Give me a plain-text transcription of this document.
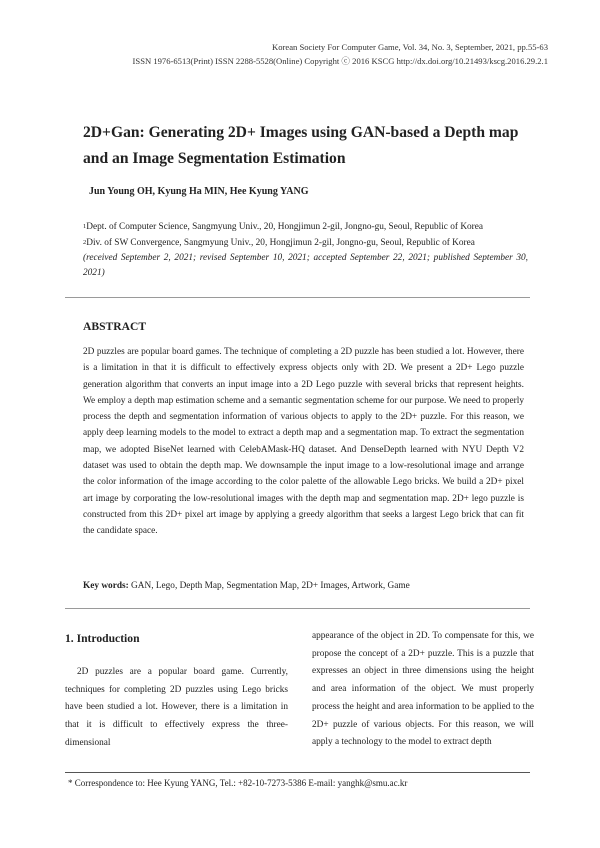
Korean Society For Computer Game, Vol. 34, No. 3, September, 2021, pp.55-63
ISSN 1976-6513(Print) ISSN 2288-5528(Online) Copyright ⓒ 2016 KSCG http://dx.doi.org/10.21493/kscg.2016.29.2.1
2D+Gan: Generating 2D+ Images using GAN-based a Depth map and an Image Segmentation Estimation
Jun Young OH, Kyung Ha MIN, Hee Kyung YANG
1Dept. of Computer Science, Sangmyung Univ., 20, Hongjimun 2-gil, Jongno-gu, Seoul, Republic of Korea
2Div. of SW Convergence, Sangmyung Univ., 20, Hongjimun 2-gil, Jongno-gu, Seoul, Republic of Korea
(received September 2, 2021; revised September 10, 2021; accepted September 22, 2021; published September 30, 2021)
ABSTRACT
2D puzzles are popular board games. The technique of completing a 2D puzzle has been studied a lot. However, there is a limitation in that it is difficult to effectively express objects only with 2D. We present a 2D+ Lego puzzle generation algorithm that converts an input image into a 2D Lego puzzle with several bricks that represent heights. We employ a depth map estimation scheme and a semantic segmentation scheme for our purpose. We need to properly process the depth and segmentation information of various objects to apply to the 2D+ puzzle. For this reason, we apply deep learning models to the model to extract a depth map and a segmentation map. To extract the segmentation map, we adopted BiseNet learned with CelebAMask-HQ dataset. And DenseDepth learned with NYU Depth V2 dataset was used to obtain the depth map. We downsample the input image to a low-resolutional image and arrange the color information of the image according to the color palette of the allowable Lego bricks. We build a 2D+ pixel art image by corporating the low-resolutional images with the depth map and segmentation map. 2D+ lego puzzle is constructed from this 2D+ pixel art image by applying a greedy algorithm that seeks a largest Lego brick that can fit the candidate space.
Key words: GAN, Lego, Depth Map, Segmentation Map, 2D+ Images, Artwork, Game
1. Introduction
2D puzzles are a popular board game. Currently, techniques for completing 2D puzzles using Lego bricks have been studied a lot. However, there is a limitation in that it is difficult to effectively express the three-dimensional
appearance of the object in 2D. To compensate for this, we propose the concept of a 2D+ puzzle. This is a puzzle that expresses an object in three dimensions using the height and area information of the object. We must properly process the height and area information to be applied to the 2D+ puzzle of various objects. For this reason, we will apply a technology to the model to extract depth
* Correspondence to: Hee Kyung YANG, Tel.: +82-10-7273-5386 E-mail: yanghk@smu.ac.kr
